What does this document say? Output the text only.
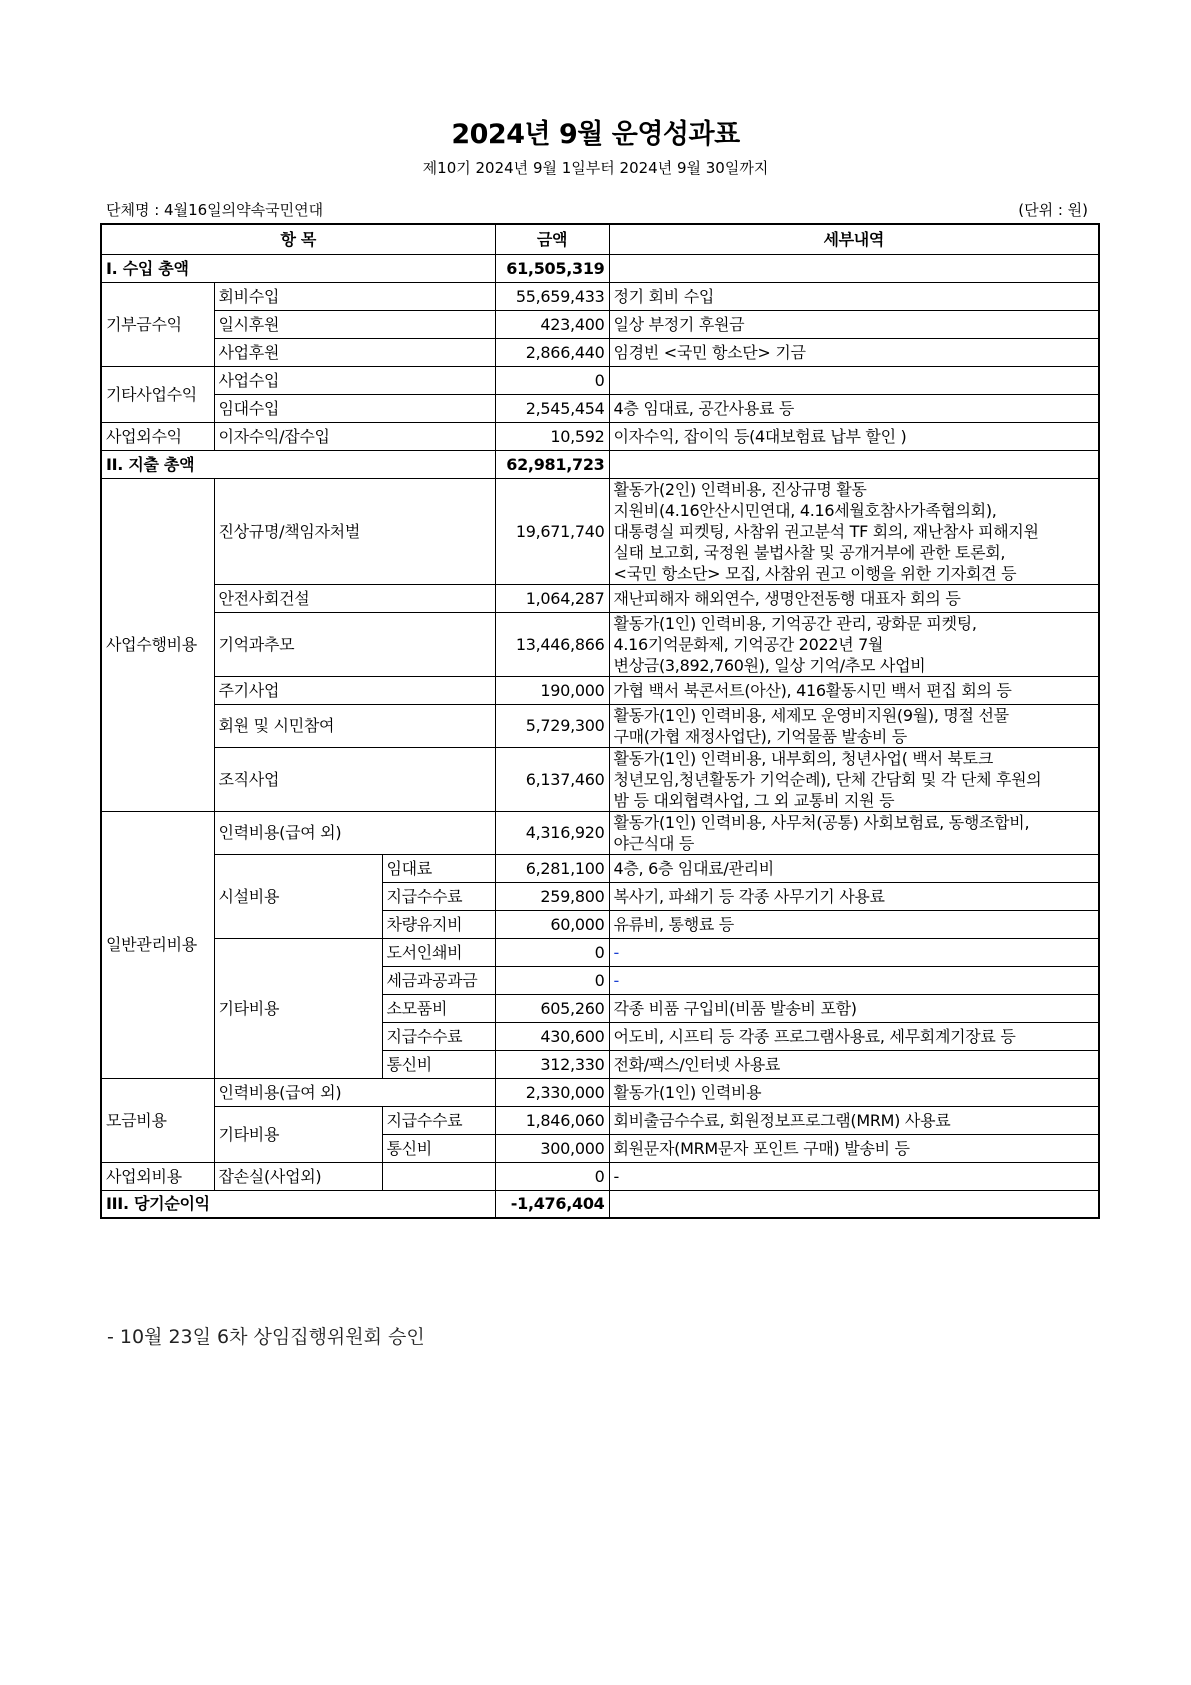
2024년 9월 운영성과표
제10기 2024년 9월 1일부터 2024년 9월 30일까지
단체명 : 4월16일의약속국민연대	(단위 : 원)
항 목			금액	세부내역
I. 수입 총액			61,505,319	
기부금수익	회비수입		55,659,433	정기 회비 수입
	일시후원		423,400	일상 부정기 후원금
	사업후원		2,866,440	임경빈 <국민 항소단> 기금
기타사업수익	사업수입		0	
	임대수입		2,545,454	4층 임대료, 공간사용료 등
사업외수익	이자수익/잡수입		10,592	이자수익, 잡이익 등(4대보험료 납부 할인 )
II. 지출 총액			62,981,723	
사업수행비용	진상규명/책임자처벌		19,671,740	활동가(2인) 인력비용, 진상규명 활동
지원비(4.16안산시민연대, 4.16세월호참사가족협의회),
대통령실 피켓팅, 사참위 권고분석 TF 회의, 재난참사 피해지원
실태 보고회, 국정원 불법사찰 및 공개거부에 관한 토론회,
<국민 항소단> 모집, 사참위 권고 이행을 위한 기자회견 등

	안전사회건설		1,064,287	재난피해자 해외연수, 생명안전동행 대표자 회의 등
	기억과추모		13,446,866	활동가(1인) 인력비용, 기억공간 관리, 광화문 피켓팅,
4.16기억문화제, 기억공간 2022년 7월
변상금(3,892,760원), 일상 기억/추모 사업비

	주기사업		190,000	가협 백서 북콘서트(아산), 416활동시민 백서 편집 회의 등
	회원 및 시민참여		5,729,300	활동가(1인) 인력비용, 세제모 운영비지원(9월), 명절 선물
구매(가협 재정사업단), 기억물품 발송비 등

	조직사업		6,137,460	활동가(1인) 인력비용, 내부회의, 청년사업( 백서 북토크
청년모임,청년활동가 기억순례), 단체 간담회 및 각 단체 후원의
밤 등 대외협력사업, 그 외 교통비 지원 등

일반관리비용	인력비용(급여 외)		4,316,920	활동가(1인) 인력비용, 사무처(공통) 사회보험료, 동행조합비,
야근식대 등

	시설비용	임대료	6,281,100	4층, 6층 임대료/관리비
		지급수수료	259,800	복사기, 파쇄기 등 각종 사무기기 사용료
		차량유지비	60,000	유류비, 통행료 등
	기타비용	도서인쇄비	0	-
		세금과공과금	0	-
		소모품비	605,260	각종 비품 구입비(비품 발송비 포함)
		지급수수료	430,600	어도비, 시프티 등 각종 프로그램사용료, 세무회계기장료 등
		통신비	312,330	전화/팩스/인터넷 사용료
모금비용	인력비용(급여 외)		2,330,000	활동가(1인) 인력비용
	기타비용	지급수수료	1,846,060	회비출금수수료, 회원정보프로그램(MRM) 사용료
		통신비	300,000	회원문자(MRM문자 포인트 구매) 발송비 등
사업외비용	잡손실(사업외)		0	-
III. 당기순이익			-1,476,404	
- 10월 23일 6차 상임집행위원회 승인
